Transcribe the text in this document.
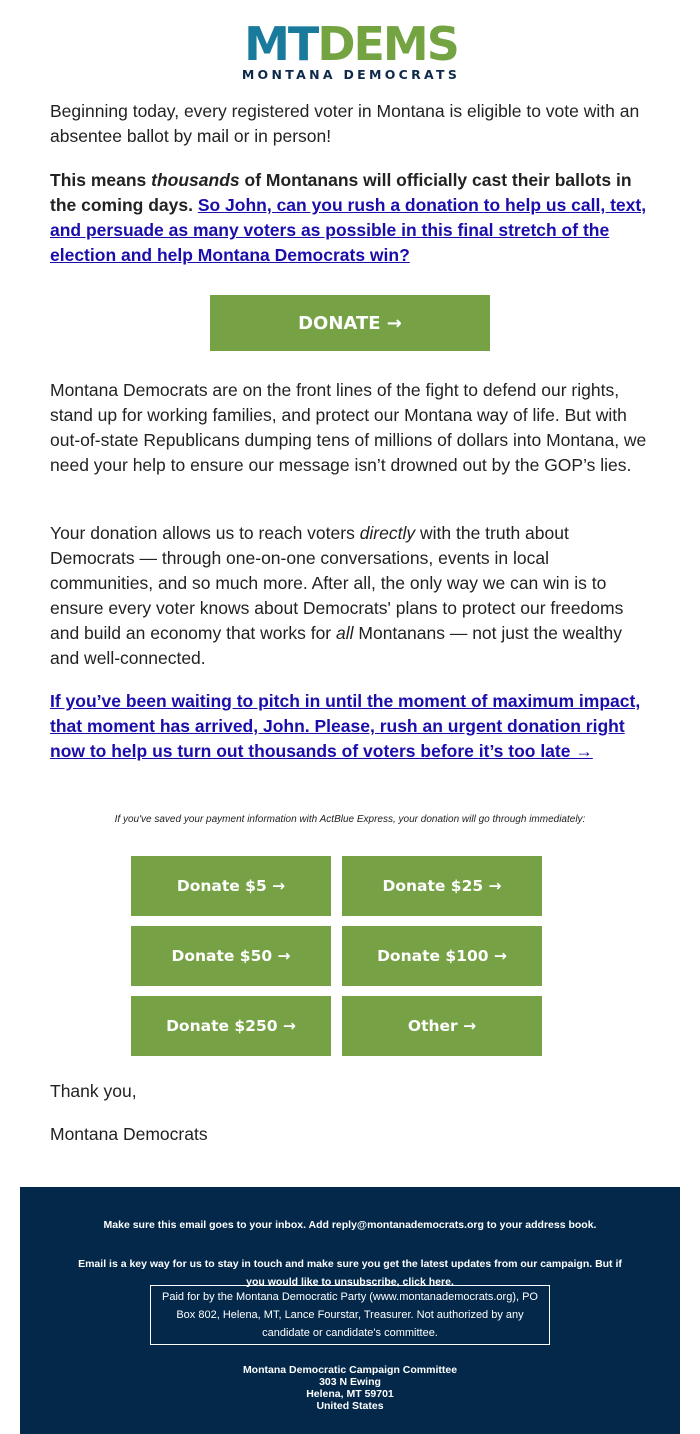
MTDEMS
MONTANA DEMOCRATS

Beginning today, every registered voter in Montana is eligible to vote with an absentee ballot by mail or in person!

This means thousands of Montanans will officially cast their ballots in the coming days. So John, can you rush a donation to help us call, text, and persuade as many voters as possible in this final stretch of the election and help Montana Democrats win?

DONATE →

Montana Democrats are on the front lines of the fight to defend our rights, stand up for working families, and protect our Montana way of life. But with out-of-state Republicans dumping tens of millions of dollars into Montana, we need your help to ensure our message isn’t drowned out by the GOP’s lies.

Your donation allows us to reach voters directly with the truth about Democrats — through one-on-one conversations, events in local communities, and so much more. After all, the only way we can win is to ensure every voter knows about Democrats' plans to protect our freedoms and build an economy that works for all Montanans — not just the wealthy and well-connected.

If you’ve been waiting to pitch in until the moment of maximum impact, that moment has arrived, John. Please, rush an urgent donation right now to help us turn out thousands of voters before it’s too late →

If you've saved your payment information with ActBlue Express, your donation will go through immediately:
Donate $5 →	Donate $25 →
Donate $50 →	Donate $100 →
Donate $250 →	Other →

Thank you,

Montana Democrats

Make sure this email goes to your inbox. Add reply@montanademocrats.org to your address book.
Email is a key way for us to stay in touch and make sure you get the latest updates from our campaign. But if you would like to unsubscribe, click here.
Paid for by the Montana Democratic Party (www.montanademocrats.org), PO Box 802, Helena, MT, Lance Fourstar, Treasurer. Not authorized by any candidate or candidate's committee.
Montana Democratic Campaign Committee
303 N Ewing
Helena, MT 59701
United States
